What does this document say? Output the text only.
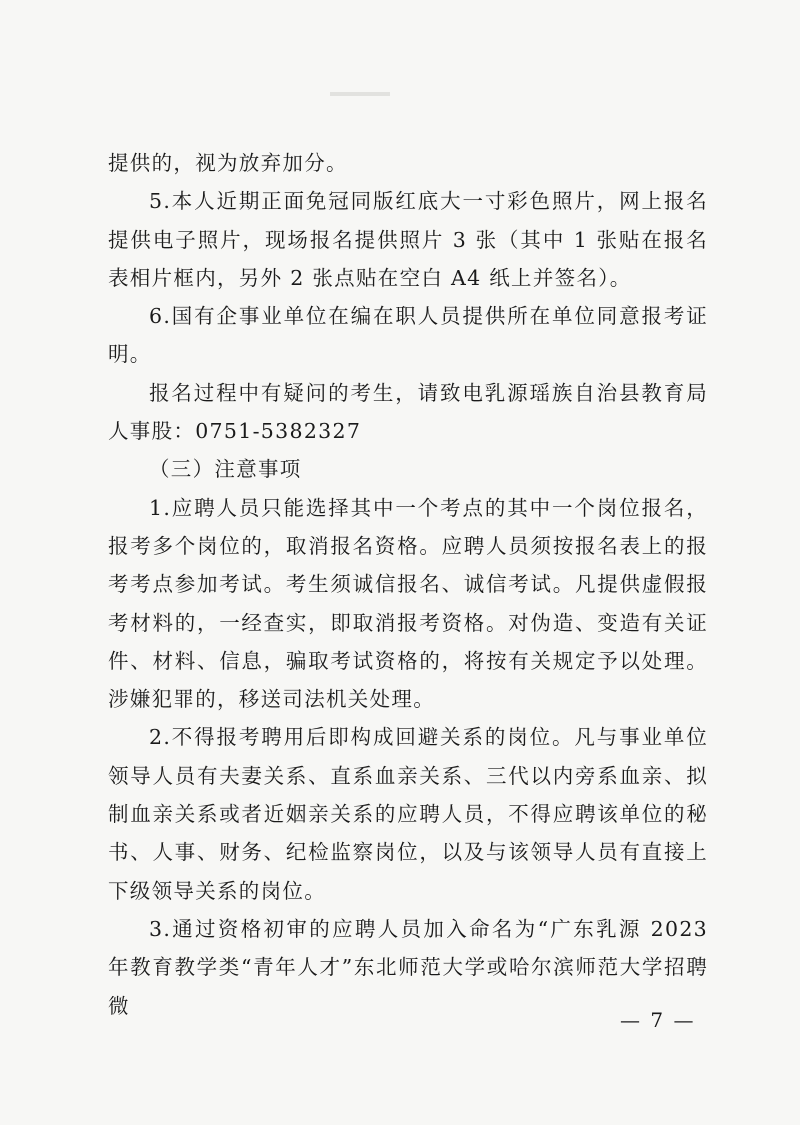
提供的，视为放弃加分。

5.本人近期正面免冠同版红底大一寸彩色照片，网上报名提供电子照片，现场报名提供照片 3 张（其中 1 张贴在报名表相片框内，另外 2 张点贴在空白 A4 纸上并签名）。

6.国有企事业单位在编在职人员提供所在单位同意报考证明。

报名过程中有疑问的考生，请致电乳源瑶族自治县教育局人事股：0751-5382327

（三）注意事项

1.应聘人员只能选择其中一个考点的其中一个岗位报名，报考多个岗位的，取消报名资格。应聘人员须按报名表上的报考考点参加考试。考生须诚信报名、诚信考试。凡提供虚假报考材料的，一经查实，即取消报考资格。对伪造、变造有关证件、材料、信息，骗取考试资格的，将按有关规定予以处理。涉嫌犯罪的，移送司法机关处理。

2.不得报考聘用后即构成回避关系的岗位。凡与事业单位领导人员有夫妻关系、直系血亲关系、三代以内旁系血亲、拟制血亲关系或者近姻亲关系的应聘人员，不得应聘该单位的秘书、人事、财务、纪检监察岗位，以及与该领导人员有直接上下级领导关系的岗位。

3.通过资格初审的应聘人员加入命名为“广东乳源 2023 年教育教学类“青年人才”东北师范大学或哈尔滨师范大学招聘微

— 7 —
